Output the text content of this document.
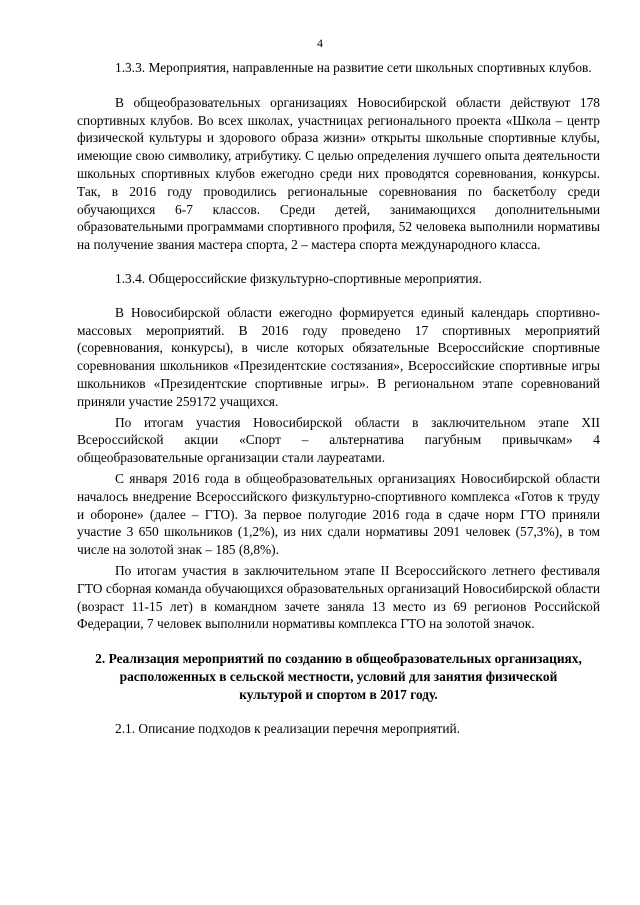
4

1.3.3. Мероприятия, направленные на развитие сети школьных спортивных клубов.

В общеобразовательных организациях Новосибирской области действуют 178 спортивных клубов. Во всех школах, участницах регионального проекта «Школа – центр физической культуры и здорового образа жизни» открыты школьные спортивные клубы, имеющие свою символику, атрибутику. С целью определения лучшего опыта деятельности школьных спортивных клубов ежегодно среди них проводятся соревнования, конкурсы. Так, в 2016 году проводились региональные соревнования по баскетболу среди обучающихся 6-7 классов. Среди детей, занимающихся дополнительными образовательными программами спортивного профиля, 52 человека выполнили нормативы на получение звания мастера спорта, 2 – мастера спорта международного класса.

1.3.4. Общероссийские физкультурно-спортивные мероприятия.

В Новосибирской области ежегодно формируется единый календарь спортивно-массовых мероприятий. В 2016 году проведено 17 спортивных мероприятий (соревнования, конкурсы), в числе которых обязательные Всероссийские спортивные соревнования школьников «Президентские состязания», Всероссийские спортивные игры школьников «Президентские спортивные игры». В региональном этапе соревнований приняли участие 259172 учащихся.

По итогам участия Новосибирской области в заключительном этапе XII Всероссийской акции «Спорт – альтернатива пагубным привычкам» 4 общеобразовательные организации стали лауреатами.

С января 2016 года в общеобразовательных организациях Новосибирской области началось внедрение Всероссийского физкультурно-спортивного комплекса «Готов к труду и обороне» (далее – ГТО). За первое полугодие 2016 года в сдаче норм ГТО приняли участие 3 650 школьников (1,2%), из них сдали нормативы 2091 человек (57,3%), в том числе на золотой знак – 185 (8,8%).

По итогам участия в заключительном этапе II Всероссийского летнего фестиваля ГТО сборная команда обучающихся образовательных организаций Новосибирской области (возраст 11-15 лет) в командном зачете заняла 13 место из 69 регионов Российской Федерации, 7 человек выполнили нормативы комплекса ГТО на золотой значок.

2. Реализация мероприятий по созданию в общеобразовательных организациях, расположенных в сельской местности, условий для занятия физической культурой и спортом в 2017 году.

2.1. Описание подходов к реализации перечня мероприятий.
